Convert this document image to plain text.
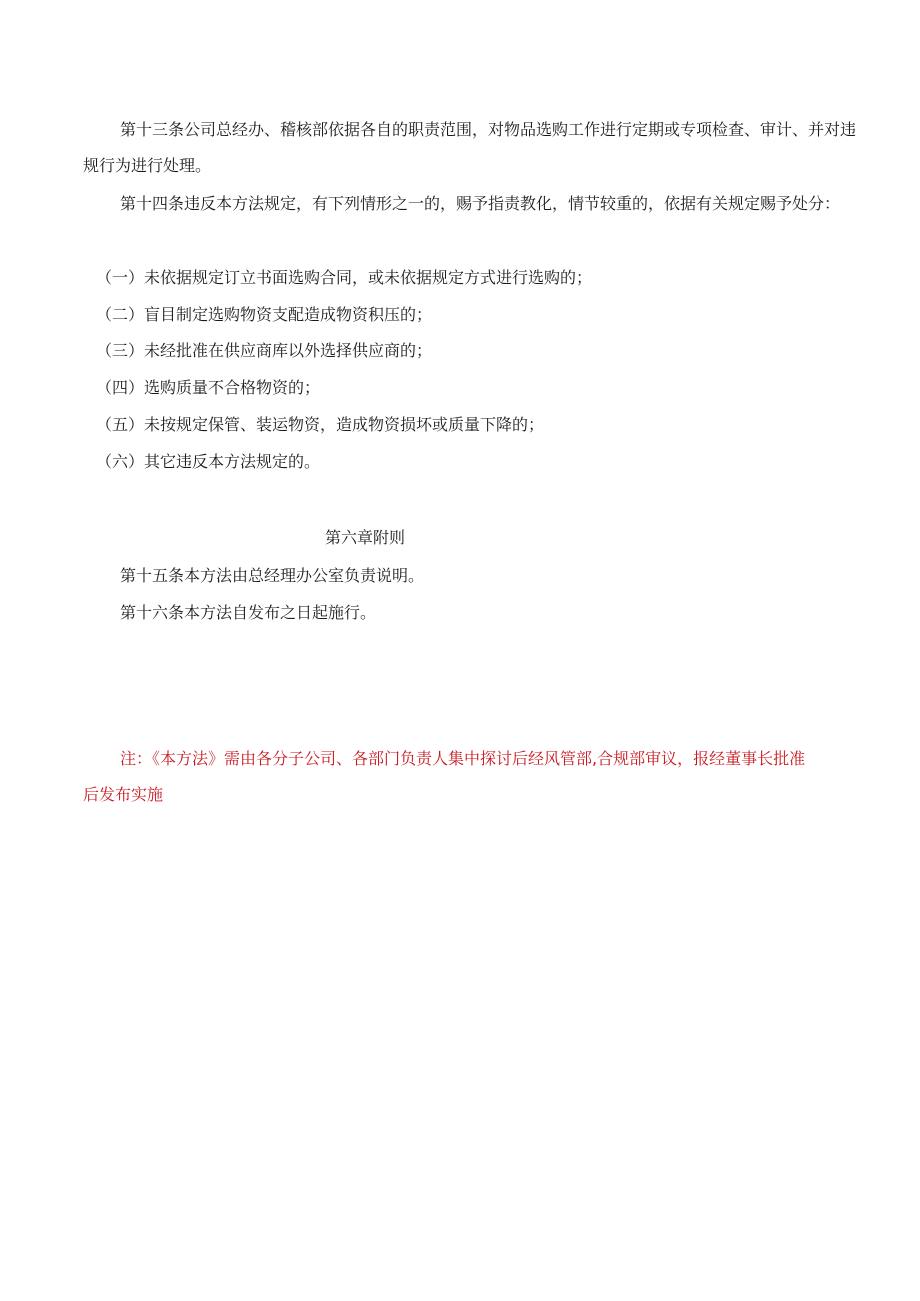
第十三条公司总经办、稽核部依据各自的职责范围，对物品选购工作进行定期或专项检查、审计、并对违规行为进行处理。
第十四条违反本方法规定，有下列情形之一的，赐予指责教化，情节较重的，依据有关规定赐予处分：
（一）未依据规定订立书面选购合同，或未依据规定方式进行选购的；
（二）盲目制定选购物资支配造成物资积压的；
（三）未经批准在供应商库以外选择供应商的；
（四）选购质量不合格物资的；
（五）未按规定保管、装运物资，造成物资损坏或质量下降的；
（六）其它违反本方法规定的。
第六章附则
第十五条本方法由总经理办公室负责说明。
第十六条本方法自发布之日起施行。
注：《本方法》需由各分子公司、各部门负责人集中探讨后经风管部,合规部审议，报经董事长批准后发布实施
